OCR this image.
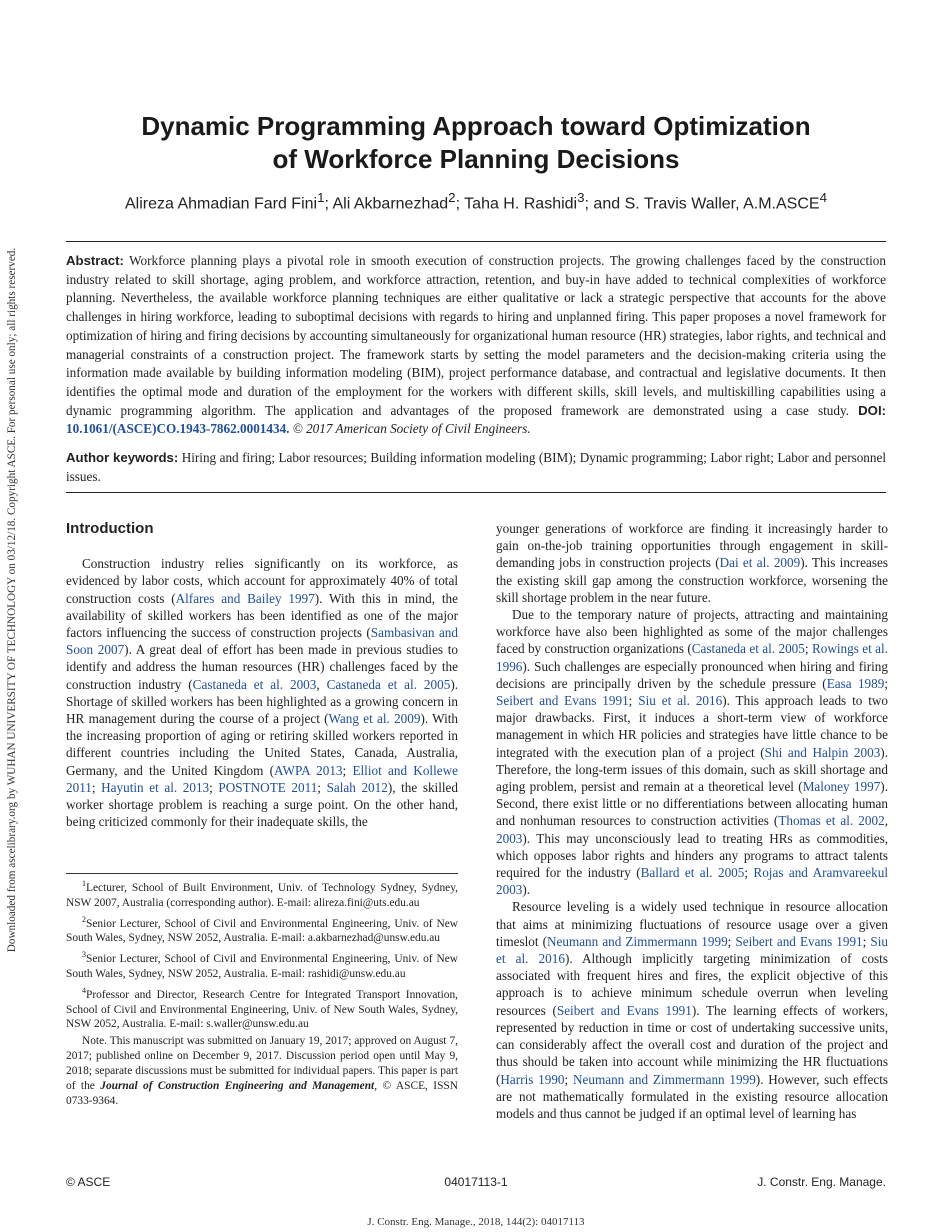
Downloaded from ascelibrary.org by WUHAN UNIVERSITY OF TECHNOLOGY on 03/12/18. Copyright ASCE. For personal use only; all rights reserved.
Dynamic Programming Approach toward Optimization
of Workforce Planning Decisions
Alireza Ahmadian Fard Fini$^1$; Ali Akbarnezhad$^2$; Taha H. Rashidi$^3$; and S. Travis Waller, A.M.ASCE$^4$

Abstract: Workforce planning plays a pivotal role in smooth execution of construction projects. The growing challenges faced by the construction industry related to skill shortage, aging problem, and workforce attraction, retention, and buy-in have added to technical complexities of workforce planning. Nevertheless, the available workforce planning techniques are either qualitative or lack a strategic perspective that accounts for the above challenges in hiring workforce, leading to suboptimal decisions with regards to hiring and unplanned firing. This paper proposes a novel framework for optimization of hiring and firing decisions by accounting simultaneously for organizational human resource (HR) strategies, labor rights, and technical and managerial constraints of a construction project. The framework starts by setting the model parameters and the decision-making criteria using the information made available by building information modeling (BIM), project performance database, and contractual and legislative documents. It then identifies the optimal mode and duration of the employment for the workers with different skills, skill levels, and multiskilling capabilities using a dynamic programming algorithm. The application and advantages of the proposed framework are demonstrated using a case study. DOI: 10.1061/(ASCE)CO.1943-7862.0001434. © 2017 American Society of Civil Engineers.

Author keywords: Hiring and firing; Labor resources; Building information modeling (BIM); Dynamic programming; Labor right; Labor and personnel issues.

Introduction

Construction industry relies significantly on its workforce, as evidenced by labor costs, which account for approximately 40% of total construction costs (Alfares and Bailey 1997). With this in mind, the availability of skilled workers has been identified as one of the major factors influencing the success of construction projects (Sambasivan and Soon 2007). A great deal of effort has been made in previous studies to identify and address the human resources (HR) challenges faced by the construction industry (Castaneda et al. 2003, Castaneda et al. 2005). Shortage of skilled workers has been highlighted as a growing concern in HR management during the course of a project (Wang et al. 2009). With the increasing proportion of aging or retiring skilled workers reported in different countries including the United States, Canada, Australia, Germany, and the United Kingdom (AWPA 2013; Elliot and Kollewe 2011; Hayutin et al. 2013; POSTNOTE 2011; Salah 2012), the skilled worker shortage problem is reaching a surge point. On the other hand, being criticized commonly for their inadequate skills, the

$^1$Lecturer, School of Built Environment, Univ. of Technology Sydney, Sydney, NSW 2007, Australia (corresponding author). E-mail: alireza.fini@uts.edu.au

$^2$Senior Lecturer, School of Civil and Environmental Engineering, Univ. of New South Wales, Sydney, NSW 2052, Australia. E-mail: a.akbarnezhad@unsw.edu.au

$^3$Senior Lecturer, School of Civil and Environmental Engineering, Univ. of New South Wales, Sydney, NSW 2052, Australia. E-mail: rashidi@unsw.edu.au

$^4$Professor and Director, Research Centre for Integrated Transport Innovation, School of Civil and Environmental Engineering, Univ. of New South Wales, Sydney, NSW 2052, Australia. E-mail: s.waller@unsw.edu.au

Note. This manuscript was submitted on January 19, 2017; approved on August 7, 2017; published online on December 9, 2017. Discussion period open until May 9, 2018; separate discussions must be submitted for individual papers. This paper is part of the Journal of Construction Engineering and Management, © ASCE, ISSN 0733-9364.

younger generations of workforce are finding it increasingly harder to gain on-the-job training opportunities through engagement in skill-demanding jobs in construction projects (Dai et al. 2009). This increases the existing skill gap among the construction workforce, worsening the skill shortage problem in the near future.

Due to the temporary nature of projects, attracting and maintaining workforce have also been highlighted as some of the major challenges faced by construction organizations (Castaneda et al. 2005; Rowings et al. 1996). Such challenges are especially pronounced when hiring and firing decisions are principally driven by the schedule pressure (Easa 1989; Seibert and Evans 1991; Siu et al. 2016). This approach leads to two major drawbacks. First, it induces a short-term view of workforce management in which HR policies and strategies have little chance to be integrated with the execution plan of a project (Shi and Halpin 2003). Therefore, the long-term issues of this domain, such as skill shortage and aging problem, persist and remain at a theoretical level (Maloney 1997). Second, there exist little or no differentiations between allocating human and nonhuman resources to construction activities (Thomas et al. 2002, 2003). This may unconsciously lead to treating HRs as commodities, which opposes labor rights and hinders any programs to attract talents required for the industry (Ballard et al. 2005; Rojas and Aramvareekul 2003).

Resource leveling is a widely used technique in resource allocation that aims at minimizing fluctuations of resource usage over a given timeslot (Neumann and Zimmermann 1999; Seibert and Evans 1991; Siu et al. 2016). Although implicitly targeting minimization of costs associated with frequent hires and fires, the explicit objective of this approach is to achieve minimum schedule overrun when leveling resources (Seibert and Evans 1991). The learning effects of workers, represented by reduction in time or cost of undertaking successive units, can considerably affect the overall cost and duration of the project and thus should be taken into account while minimizing the HR fluctuations (Harris 1990; Neumann and Zimmermann 1999). However, such effects are not mathematically formulated in the existing resource allocation models and thus cannot be judged if an optimal level of learning has

© ASCE	04017113-1	J. Constr. Eng. Manage.
J. Constr. Eng. Manage., 2018, 144(2): 04017113
